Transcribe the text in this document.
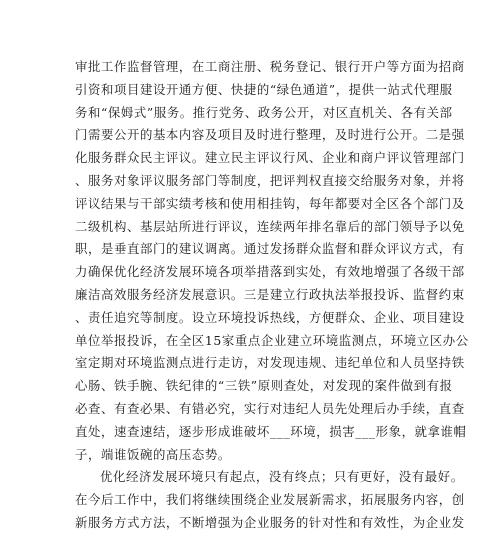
审批工作监督管理，在工商注册、税务登记、银行开户等方面为招商
引资和项目建设开通方便、快捷的“绿色通道”，提供一站式代理服
务和“保姆式”服务。推行党务、政务公开，对区直机关、各有关部
门需要公开的基本内容及项目及时进行整理，及时进行公开。二是强
化服务群众民主评议。建立民主评议行风、企业和商户评议管理部门
、服务对象评议服务部门等制度，把评判权直接交给服务对象，并将
评议结果与干部实绩考核和使用相挂钩，每年都要对全区各个部门及
二级机构、基层站所进行评议，连续两年排名靠后的部门领导予以免
职，是垂直部门的建议调离。通过发扬群众监督和群众评议方式，有
力确保优化经济发展环境各项举措落到实处，有效地增强了各级干部
廉洁高效服务经济发展意识。三是建立行政执法举报投诉、监督约束
、责任追究等制度。设立环境投诉热线，方便群众、企业、项目建设
单位举报投诉，在全区15家重点企业建立环境监测点，环境立区办公
室定期对环境监测点进行走访，对发现违规、违纪单位和人员坚持铁
心肠、铁手腕、铁纪律的“三铁”原则查处，对发现的案件做到有报
必查、有查必果、有错必究，实行对违纪人员先处理后办手续，直查
直处，速查速结，逐步形成谁破坏___环境，损害___形象，就拿谁帽
子，端谁饭碗的高压态势。
优化经济发展环境只有起点，没有终点；只有更好，没有最好。
在今后工作中，我们将继续围绕企业发展新需求，拓展服务内容，创
新服务方式方法，不断增强为企业服务的针对性和有效性，为企业发
